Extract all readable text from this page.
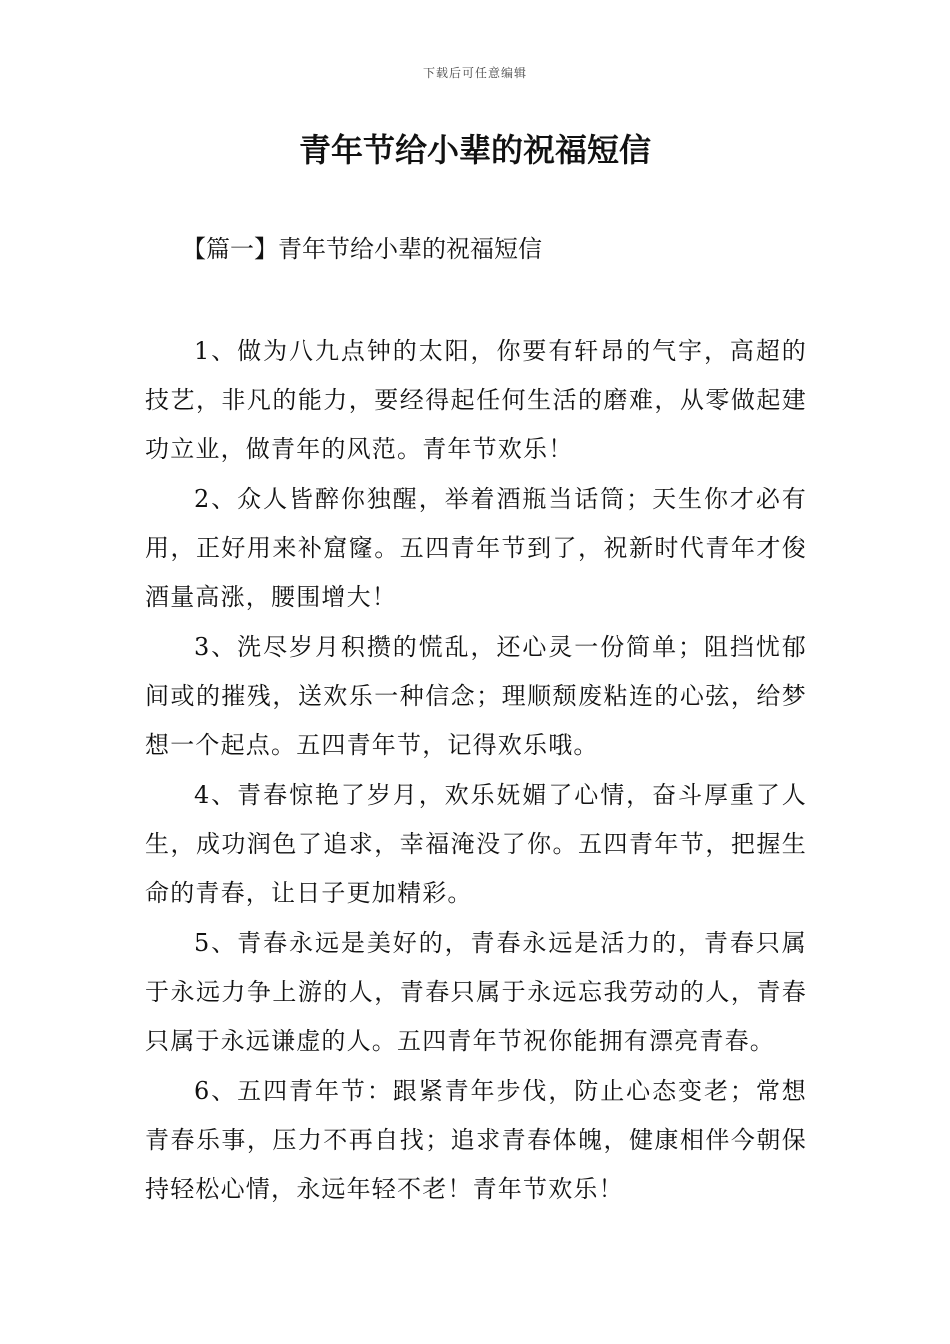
下载后可任意编辑
青年节给小辈的祝福短信
【篇一】青年节给小辈的祝福短信

1、做为八九点钟的太阳，你要有轩昂的气宇，高超的技艺，非凡的能力，要经得起任何生活的磨难，从零做起建功立业，做青年的风范。青年节欢乐！

2、众人皆醉你独醒，举着酒瓶当话筒；天生你才必有用，正好用来补窟窿。五四青年节到了，祝新时代青年才俊酒量高涨，腰围增大！

3、洗尽岁月积攒的慌乱，还心灵一份简单；阻挡忧郁间或的摧残，送欢乐一种信念；理顺颓废粘连的心弦，给梦想一个起点。五四青年节，记得欢乐哦。

4、青春惊艳了岁月，欢乐妩媚了心情，奋斗厚重了人生，成功润色了追求，幸福淹没了你。五四青年节，把握生命的青春，让日子更加精彩。

5、青春永远是美好的，青春永远是活力的，青春只属于永远力争上游的人，青春只属于永远忘我劳动的人，青春只属于永远谦虚的人。五四青年节祝你能拥有漂亮青春。

6、五四青年节：跟紧青年步伐，防止心态变老；常想青春乐事，压力不再自找；追求青春体魄，健康相伴今朝保持轻松心情，永远年轻不老！青年节欢乐！
